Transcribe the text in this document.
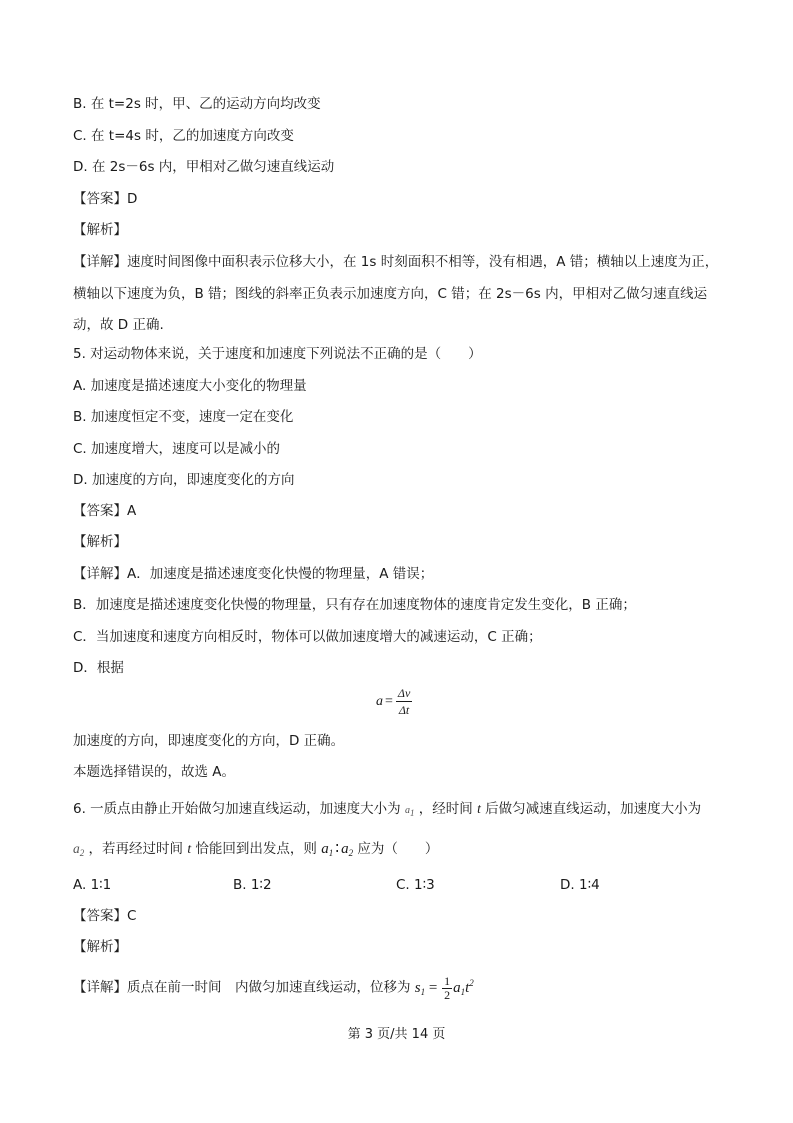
B. 在 t=2s 时，甲、乙的运动方向均改变
C. 在 t=4s 时，乙的加速度方向改变
D. 在 2s－6s 内，甲相对乙做匀速直线运动
【答案】D
【解析】
【详解】速度时间图像中面积表示位移大小，在 1s 时刻面积不相等，没有相遇，A 错；横轴以上速度为正，
横轴以下速度为负，B 错；图线的斜率正负表示加速度方向，C 错；在 2s－6s 内，甲相对乙做匀速直线运
动，故 D 正确.
5. 对运动物体来说，关于速度和加速度下列说法不正确的是（　　）
A. 加速度是描述速度大小变化的物理量
B. 加速度恒定不变，速度一定在变化
C. 加速度增大，速度可以是减小的
D. 加速度的方向，即速度变化的方向
【答案】A
【解析】
【详解】A．加速度是描述速度变化快慢的物理量，A 错误；
B．加速度是描述速度变化快慢的物理量，只有存在加速度物体的速度肯定发生变化，B 正确；
C．当加速度和速度方向相反时，物体可以做加速度增大的减速运动，C 正确；
D．根据
$a = \frac{\Delta v}{\Delta t}$
加速度的方向，即速度变化的方向，D 正确。
本题选择错误的，故选 A。
6. 一质点由静止开始做匀加速直线运动，加速度大小为 a1 ，经时间 t 后做匀减速直线运动，加速度大小为
$a_2$ ，若再经过时间 t 恰能回到出发点，则 $a_1$ ∶ $a_2$ 应为（　　）
A. 1∶1	B. 1∶2	C. 1∶3	D. 1∶4
【答案】C
【解析】
【详解】质点在前一时间　内做匀加速直线运动，位移为 $s_1 = \frac{1}{2} a_1t^2$
第 3 页/共 14 页
